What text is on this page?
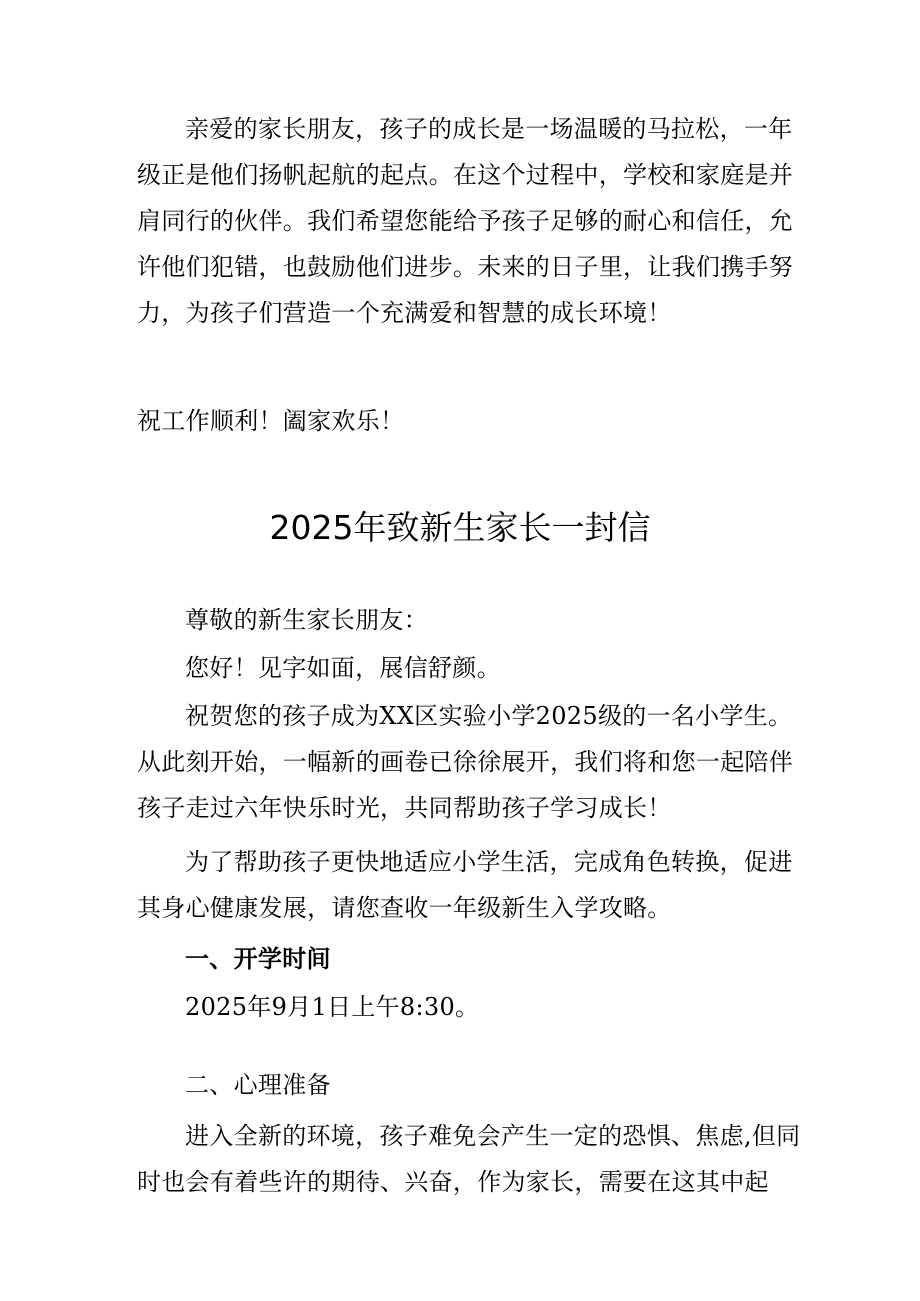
亲爱的家长朋友，孩子的成长是一场温暖的马拉松，一年级正是他们扬帆起航的起点。在这个过程中，学校和家庭是并肩同行的伙伴。我们希望您能给予孩子足够的耐心和信任，允许他们犯错，也鼓励他们进步。未来的日子里，让我们携手努力，为孩子们营造一个充满爱和智慧的成长环境！

祝工作顺利！阖家欢乐！

2025年致新生家长一封信

尊敬的新生家长朋友：

您好！见字如面，展信舒颜。

祝贺您的孩子成为XX区实验小学2025级的一名小学生。从此刻开始，一幅新的画卷已徐徐展开，我们将和您一起陪伴孩子走过六年快乐时光，共同帮助孩子学习成长！

为了帮助孩子更快地适应小学生活，完成角色转换，促进其身心健康发展，请您查收一年级新生入学攻略。

一、开学时间

2025年9月1日上午8:30。

二、心理准备

进入全新的环境，孩子难免会产生一定的恐惧、焦虑,但同时也会有着些许的期待、兴奋，作为家长，需要在这其中起
